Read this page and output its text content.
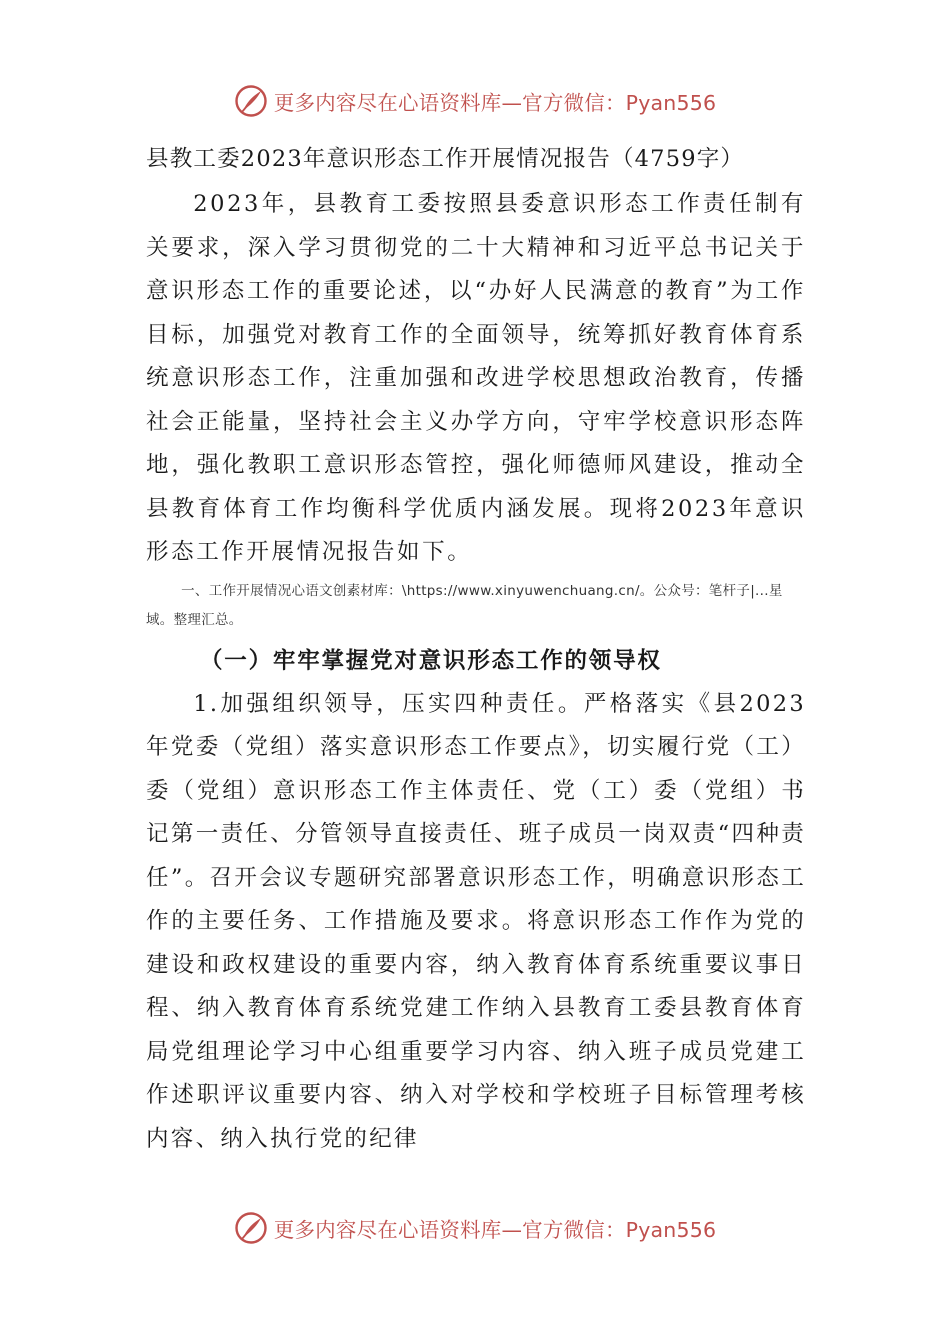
更多内容尽在心语资料库—官方微信：Pyan556
县教工委2023年意识形态工作开展情况报告（4759字）

2023年，县教育工委按照县委意识形态工作责任制有关要求，深入学习贯彻党的二十大精神和习近平总书记关于意识形态工作的重要论述，以“办好人民满意的教育”为工作目标，加强党对教育工作的全面领导，统筹抓好教育体育系统意识形态工作，注重加强和改进学校思想政治教育，传播社会正能量，坚持社会主义办学方向，守牢学校意识形态阵地，强化教职工意识形态管控，强化师德师风建设，推动全县教育体育工作均衡科学优质内涵发展。现将2023年意识形态工作开展情况报告如下。

一、工作开展情况心语文创素材库：\https://www.xinyuwenchuang.cn/。公众号：笔杆子|...星域。整理汇总。
（一）牢牢掌握党对意识形态工作的领导权

1.加强组织领导，压实四种责任。严格落实《县2023年党委（党组）落实意识形态工作要点》，切实履行党（工）委（党组）意识形态工作主体责任、党（工）委（党组）书记第一责任、分管领导直接责任、班子成员一岗双责“四种责任”。召开会议专题研究部署意识形态工作，明确意识形态工作的主要任务、工作措施及要求。将意识形态工作作为党的建设和政权建设的重要内容，纳入教育体育系统重要议事日程、纳入教育体育系统党建工作纳入县教育工委县教育体育局党组理论学习中心组重要学习内容、纳入班子成员党建工作述职评议重要内容、纳入对学校和学校班子目标管理考核内容、纳入执行党的纪律

更多内容尽在心语资料库—官方微信：Pyan556
